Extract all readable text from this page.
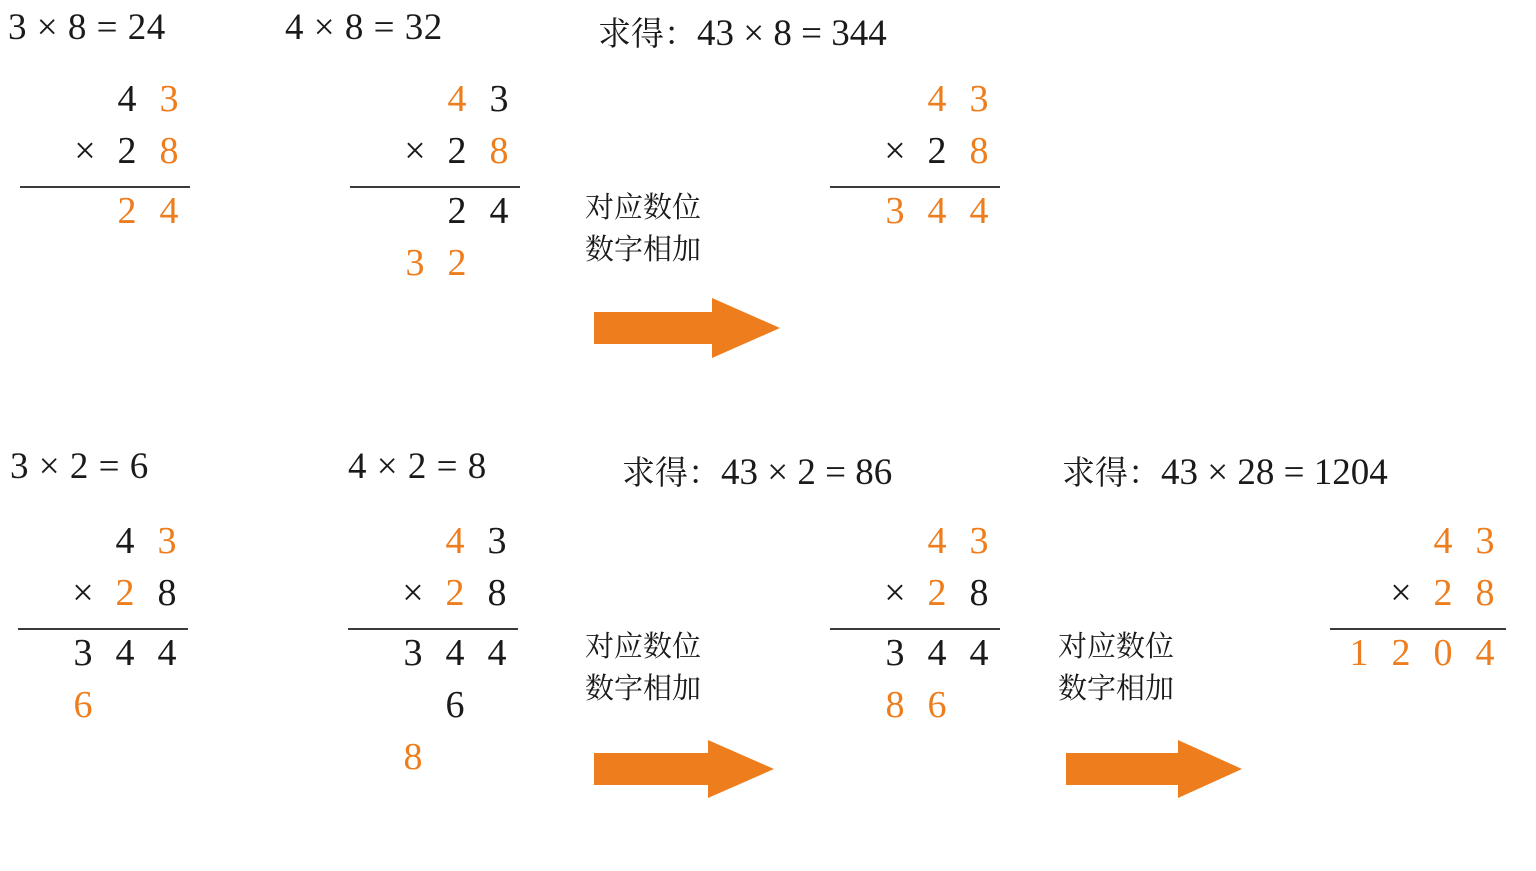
3 × 8 = 24
4 3
× 2 8
2 4
4 × 8 = 32
4 3
× 2 8
2 4
3 2
对应数位
数字相加
求得：43 × 8 = 344
4 3
× 2 8
3 4 4
3 × 2 = 6
4 3
× 2 8
3 4 4
6
4 × 2 = 8
4 3
× 2 8
3 4 4
6
8
对应数位
数字相加
求得：43 × 2 = 86
4 3
× 2 8
3 4 4
8 6
对应数位
数字相加
求得：43 × 28 = 1204
4 3
× 2 8
1 2 0 4
